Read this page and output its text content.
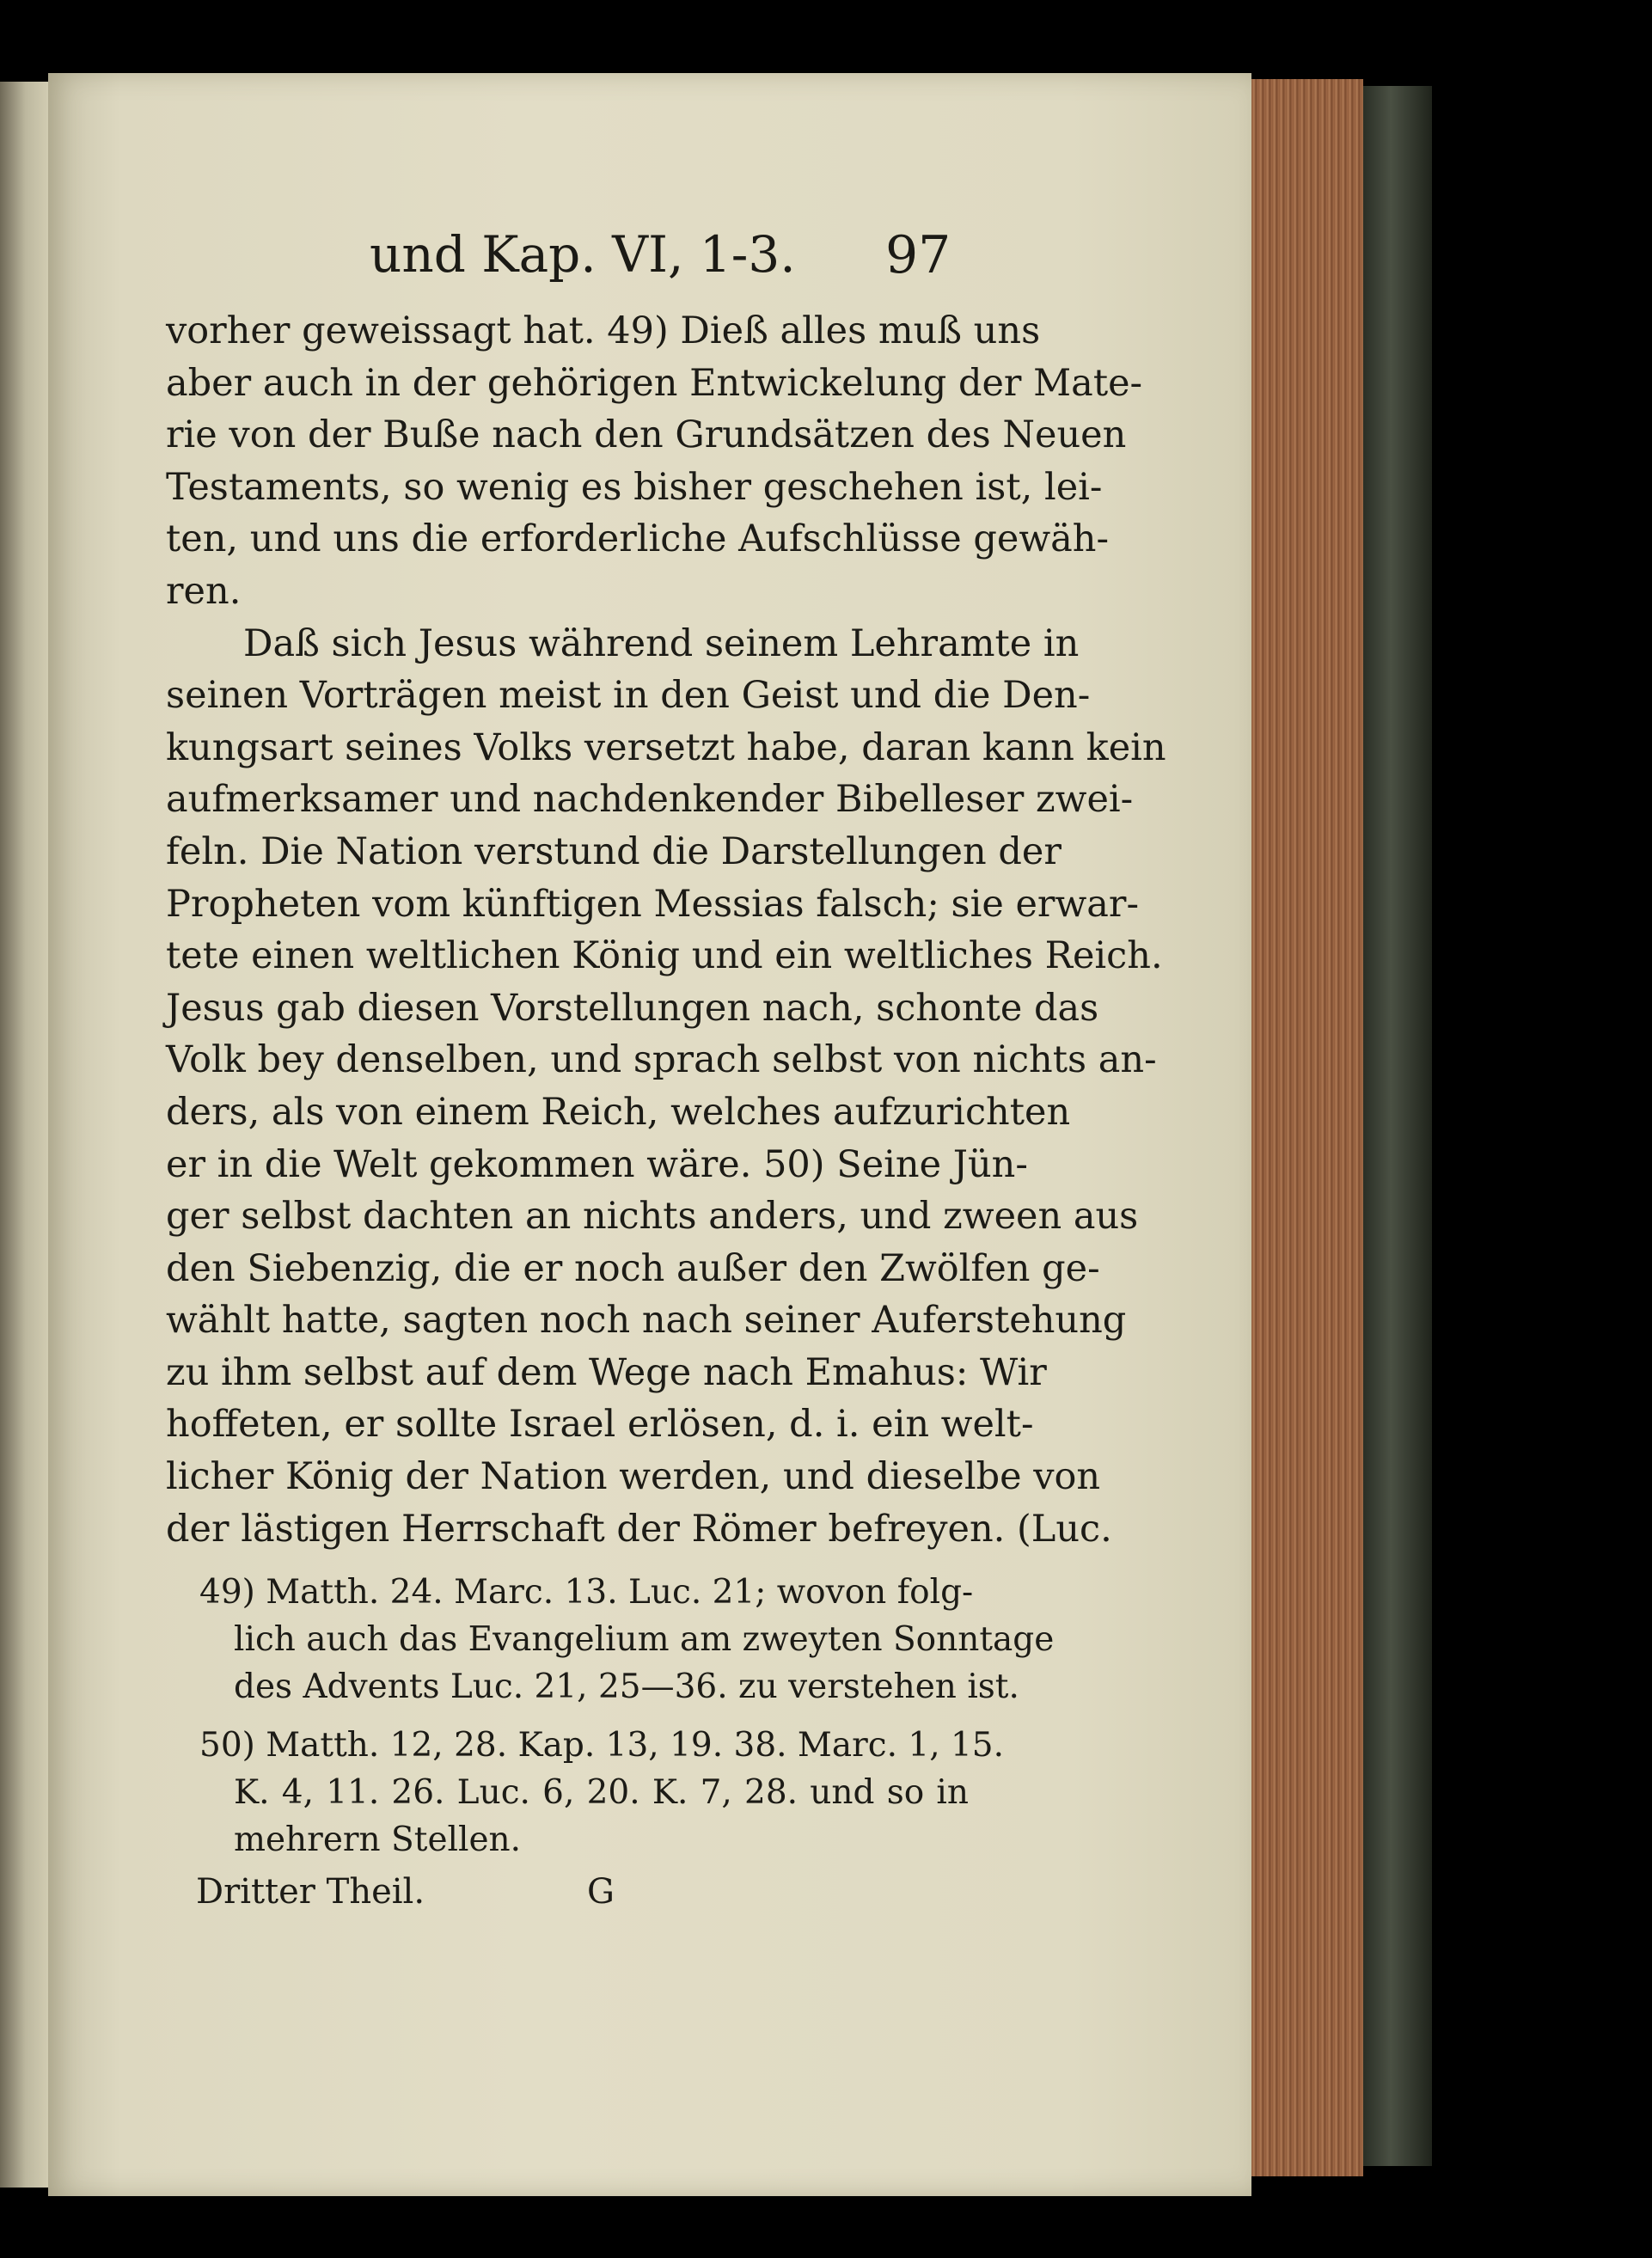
und Kap. VI, 1-3. 97
vorher geweissagt hat. 49) Dieß alles muß uns
aber auch in der gehörigen Entwickelung der Mate-
rie von der Buße nach den Grundsätzen des Neuen
Testaments, so wenig es bisher geschehen ist, lei-
ten, und uns die erforderliche Aufschlüsse gewäh-
ren.
Daß sich Jesus während seinem Lehramte in
seinen Vorträgen meist in den Geist und die Den-
kungsart seines Volks versetzt habe, daran kann kein
aufmerksamer und nachdenkender Bibelleser zwei-
feln. Die Nation verstund die Darstellungen der
Propheten vom künftigen Messias falsch; sie erwar-
tete einen weltlichen König und ein weltliches Reich.
Jesus gab diesen Vorstellungen nach, schonte das
Volk bey denselben, und sprach selbst von nichts an-
ders, als von einem Reich, welches aufzurichten
er in die Welt gekommen wäre. 50) Seine Jün-
ger selbst dachten an nichts anders, und zween aus
den Siebenzig, die er noch außer den Zwölfen ge-
wählt hatte, sagten noch nach seiner Auferstehung
zu ihm selbst auf dem Wege nach Emahus: Wir
hoffeten, er sollte Israel erlösen, d. i. ein welt-
licher König der Nation werden, und dieselbe von
der lästigen Herrschaft der Römer befreyen. (Luc.
49) Matth. 24. Marc. 13. Luc. 21; wovon folg-
lich auch das Evangelium am zweyten Sonntage
des Advents Luc. 21, 25—36. zu verstehen ist.
50) Matth. 12, 28. Kap. 13, 19. 38. Marc. 1, 15.
K. 4, 11. 26. Luc. 6, 20. K. 7, 28. und so in
mehrern Stellen.
Dritter Theil.	G
